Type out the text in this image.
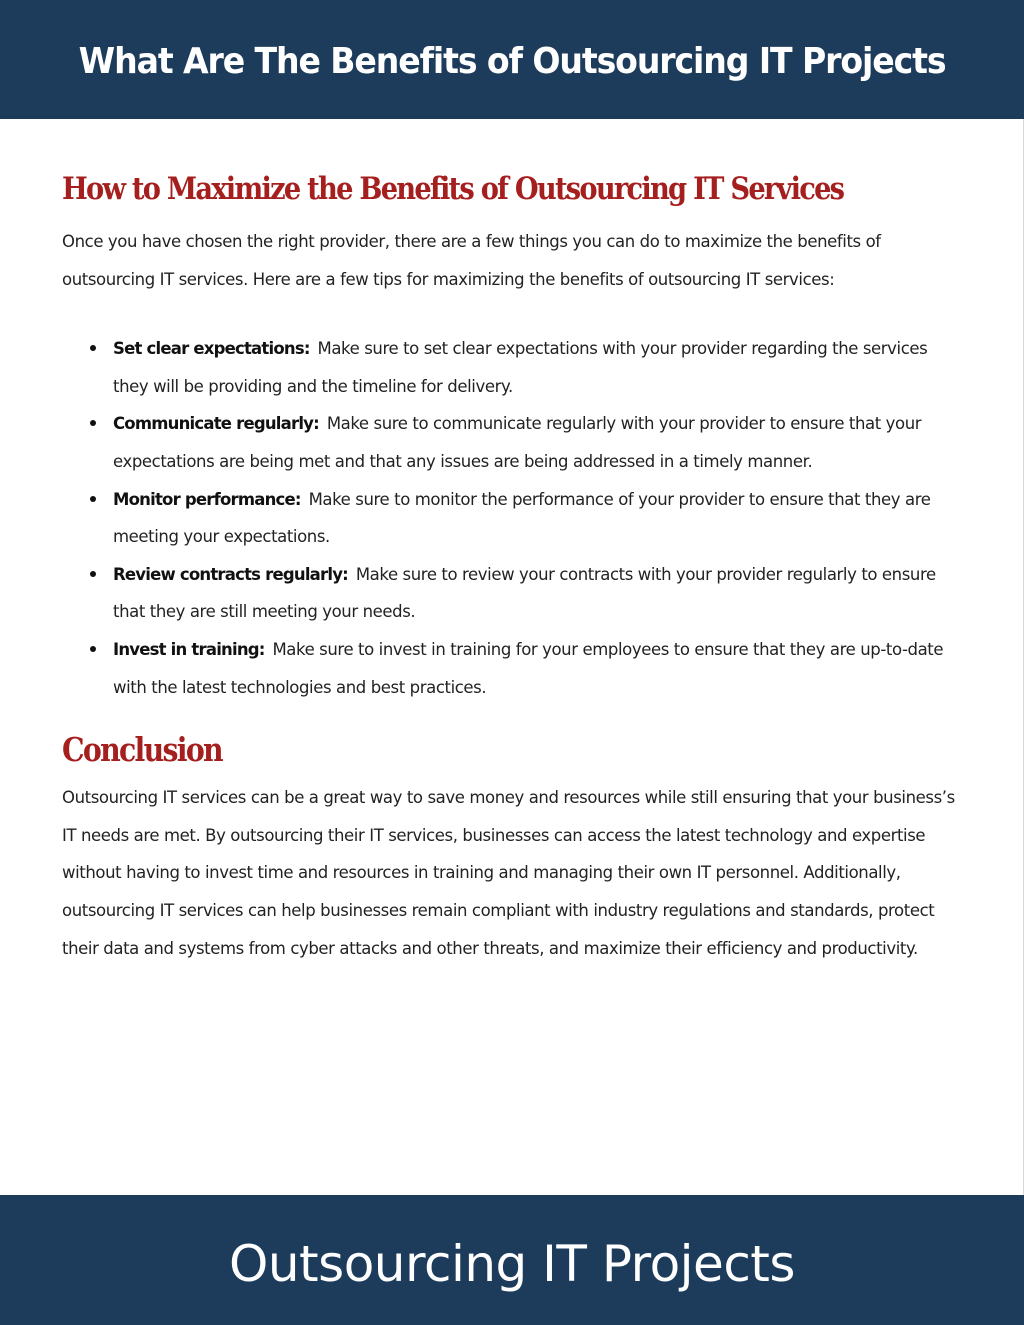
What Are The Benefits of Outsourcing IT Projects
How to Maximize the Benefits of Outsourcing IT Services

Once you have chosen the right provider, there are a few things you can do to maximize the benefits of outsourcing IT services. Here are a few tips for maximizing the benefits of outsourcing IT services:

Set clear expectations: Make sure to set clear expectations with your provider regarding the services they will be providing and the timeline for delivery.
Communicate regularly: Make sure to communicate regularly with your provider to ensure that your expectations are being met and that any issues are being addressed in a timely manner.
Monitor performance: Make sure to monitor the performance of your provider to ensure that they are meeting your expectations.
Review contracts regularly: Make sure to review your contracts with your provider regularly to ensure that they are still meeting your needs.
Invest in training: Make sure to invest in training for your employees to ensure that they are up-to-date with the latest technologies and best practices.
Conclusion

Outsourcing IT services can be a great way to save money and resources while still ensuring that your business’s IT needs are met. By outsourcing their IT services, businesses can access the latest technology and expertise without having to invest time and resources in training and managing their own IT personnel. Additionally, outsourcing IT services can help businesses remain compliant with industry regulations and standards, protect their data and systems from cyber attacks and other threats, and maximize their efficiency and productivity.

Outsourcing IT Projects
